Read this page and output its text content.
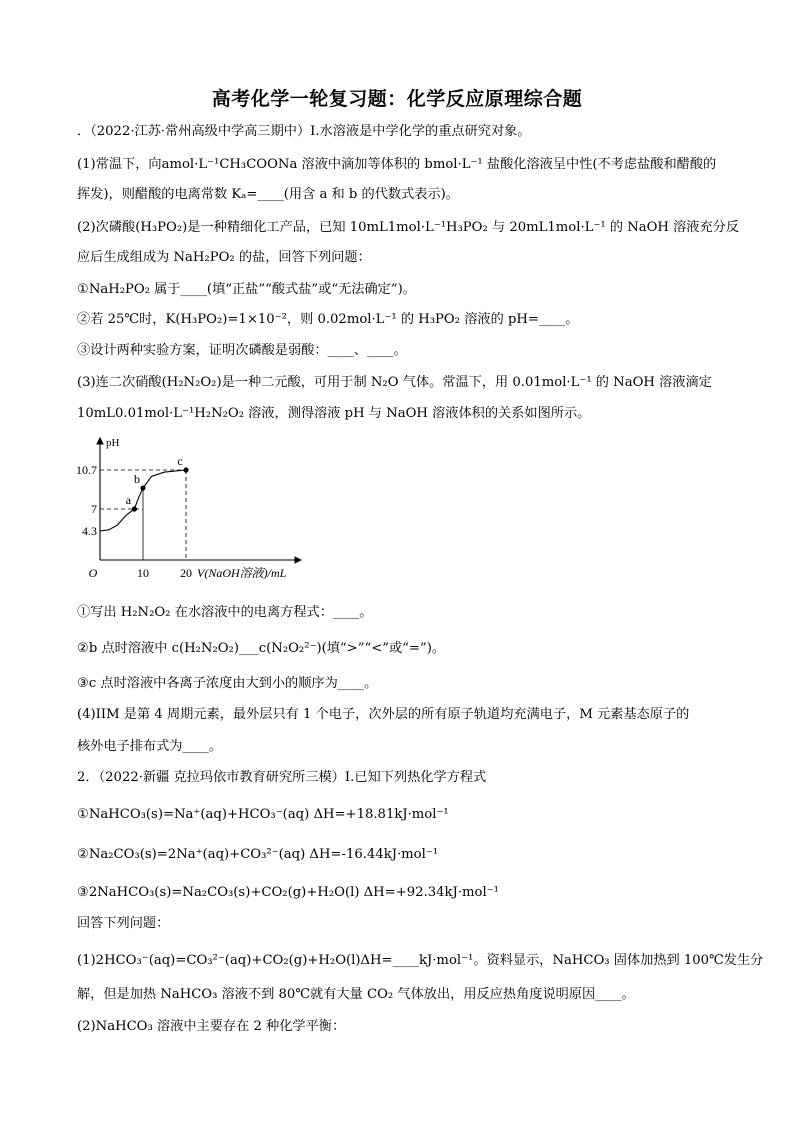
高考化学一轮复习题：化学反应原理综合题
．（2022·江苏·常州高级中学高三期中）I.水溶液是中学化学的重点研究对象。
(1)常温下，向amol·L⁻¹CH₃COONa 溶液中滴加等体积的 bmol·L⁻¹ 盐酸化溶液呈中性(不考虑盐酸和醋酸的
挥发)，则醋酸的电离常数 Kₐ=____(用含 a 和 b 的代数式表示)。
(2)次磷酸(H₃PO₂)是一种精细化工产品，已知 10mL1mol·L⁻¹H₃PO₂ 与 20mL1mol·L⁻¹ 的 NaOH 溶液充分反
应后生成组成为 NaH₂PO₂ 的盐，回答下列问题：
①NaH₂PO₂ 属于____(填“正盐”“酸式盐”或“无法确定”)。
②若 25℃时，K(H₃PO₂)=1×10⁻²，则 0.02mol·L⁻¹ 的 H₃PO₂ 溶液的 pH=____。
③设计两种实验方案，证明次磷酸是弱酸：____、____。
(3)连二次硝酸(H₂N₂O₂)是一种二元酸，可用于制 N₂O 气体。常温下，用 0.01mol·L⁻¹ 的 NaOH 溶液滴定
10mL0.01mol·L⁻¹H₂N₂O₂ 溶液，测得溶液 pH 与 NaOH 溶液体积的关系如图所示。
pH
O
4.3
7
10.7
10	20 V(NaOH溶液)/mL
a
b
c
①写出 H₂N₂O₂ 在水溶液中的电离方程式：____。
②b 点时溶液中 c(H₂N₂O₂)___c(N₂O₂²⁻)(填“>”“<”或“=”)。
③c 点时溶液中各离子浓度由大到小的顺序为____。
(4)IIM 是第 4 周期元素，最外层只有 1 个电子，次外层的所有原子轨道均充满电子，M 元素基态原子的
核外电子排布式为____。
2．（2022·新疆 克拉玛依市教育研究所三模）I.已知下列热化学方程式
①NaHCO₃(s)=Na⁺(aq)+HCO₃⁻(aq) ΔH=+18.81kJ·mol⁻¹
②Na₂CO₃(s)=2Na⁺(aq)+CO₃²⁻(aq) ΔH=-16.44kJ·mol⁻¹
③2NaHCO₃(s)=Na₂CO₃(s)+CO₂(g)+H₂O(l) ΔH=+92.34kJ·mol⁻¹
回答下列问题：
(1)2HCO₃⁻(aq)=CO₃²⁻(aq)+CO₂(g)+H₂O(l)ΔH=____kJ·mol⁻¹。资料显示，NaHCO₃ 固体加热到 100℃发生分
解，但是加热 NaHCO₃ 溶液不到 80℃就有大量 CO₂ 气体放出，用反应热角度说明原因____。
(2)NaHCO₃ 溶液中主要存在 2 种化学平衡：
